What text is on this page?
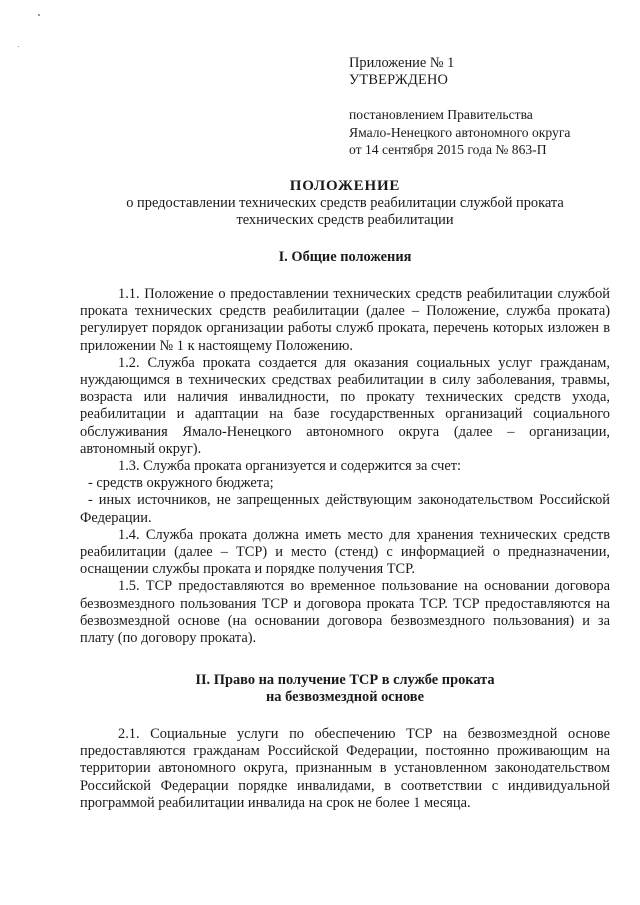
Приложение № 1
УТВЕРЖДЕНО
постановлением Правительства
Ямало-Ненецкого автономного округа
от 14 сентября 2015 года № 863-П
ПОЛОЖЕНИЕ
о предоставлении технических средств реабилитации службой проката
технических средств реабилитации
I. Общие положения

1.1. Положение о предоставлении технических средств реабилитации службой проката технических средств реабилитации (далее – Положение, служба проката) регулирует порядок организации работы служб проката, перечень которых изложен в приложении № 1 к настоящему Положению.

1.2. Служба проката создается для оказания социальных услуг гражданам, нуждающимся в технических средствах реабилитации в силу заболевания, травмы, возраста или наличия инвалидности, по прокату технических средств ухода, реабилитации и адаптации на базе государственных организаций социального обслуживания Ямало-Ненецкого автономного округа (далее – организации, автономный округ).

1.3. Служба проката организуется и содержится за счет:

- средств окружного бюджета;

- иных источников, не запрещенных действующим законодательством Российской Федерации.

1.4. Служба проката должна иметь место для хранения технических средств реабилитации (далее – ТСР) и место (стенд) с информацией о предназначении, оснащении службы проката и порядке получения ТСР.

1.5. ТСР предоставляются во временное пользование на основании договора безвозмездного пользования ТСР и договора проката ТСР. ТСР предоставляются на безвозмездной основе (на основании договора безвозмездного пользования) и за плату (по договору проката).

II. Право на получение ТСР в службе проката
на безвозмездной основе

2.1. Социальные услуги по обеспечению ТСР на безвозмездной основе предоставляются гражданам Российской Федерации, постоянно проживающим на территории автономного округа, признанным в установленном законодательством Российской Федерации порядке инвалидами, в соответствии с индивидуальной программой реабилитации инвалида на срок не более 1 месяца.
